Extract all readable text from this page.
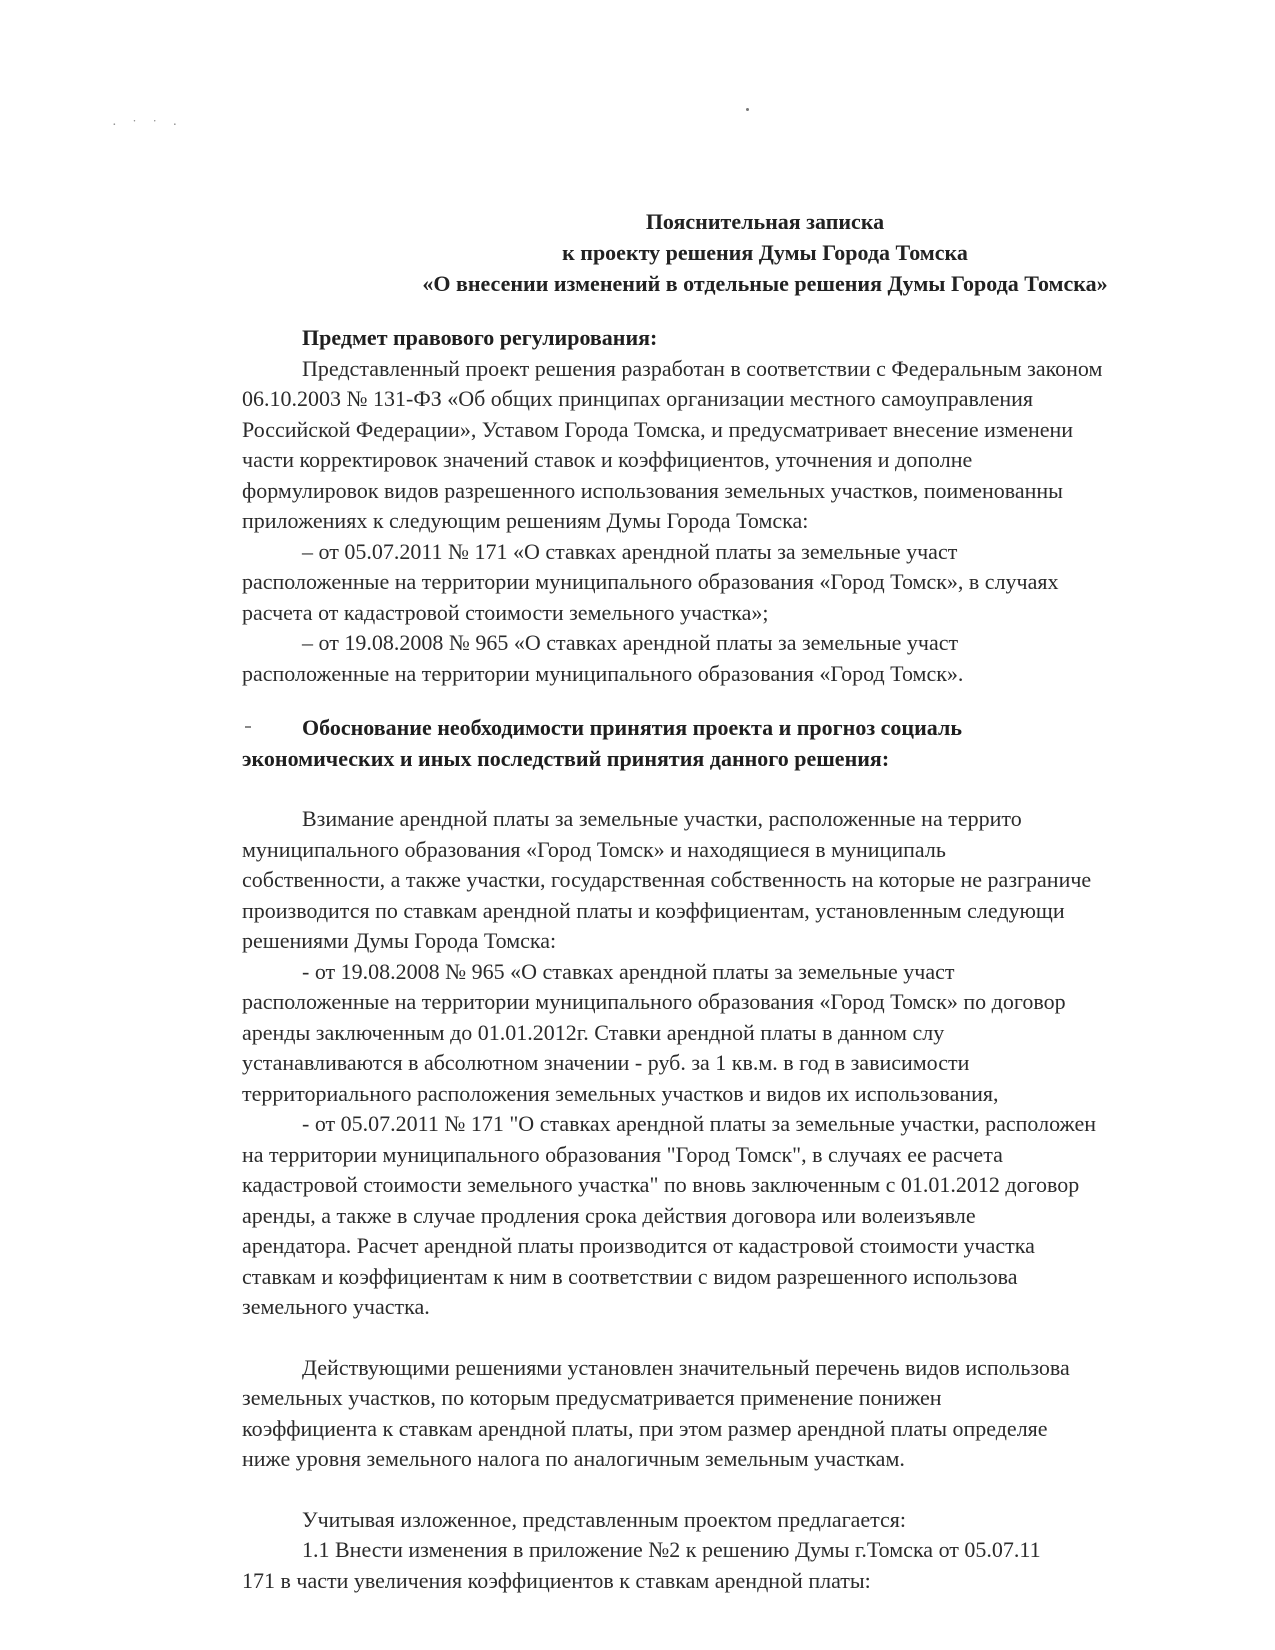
· ˙ ˙ ·
Пояснительная записка
к проекту решения Думы Города Томска
«О внесении изменений в отдельные решения Думы Города Томска»
Предмет правового регулирования:
Представленный проект решения разработан в соответствии с Федеральным законом
06.10.2003 № 131-ФЗ «Об общих принципах организации местного самоуправления
Российской Федерации», Уставом Города Томска, и предусматривает внесение изменени
части корректировок значений ставок и коэффициентов, уточнения и дополне
формулировок видов разрешенного использования земельных участков, поименованны
приложениях к следующим решениям Думы Города Томска:
– от 05.07.2011 № 171 «О ставках арендной платы за земельные участ
расположенные на территории муниципального образования «Город Томск», в случаях
расчета от кадастровой стоимости земельного участка»;
– от 19.08.2008 № 965 «О ставках арендной платы за земельные участ
расположенные на территории муниципального образования «Город Томск».
Обоснование необходимости принятия проекта и прогноз социаль
экономических и иных последствий принятия данного решения:
Взимание арендной платы за земельные участки, расположенные на террито
муниципального образования «Город Томск» и находящиеся в муниципаль
собственности, а также участки, государственная собственность на которые не разграниче
производится по ставкам арендной платы и коэффициентам, установленным следующи
решениями Думы Города Томска:
- от 19.08.2008 № 965 «О ставках арендной платы за земельные участ
расположенные на территории муниципального образования «Город Томск» по договор
аренды заключенным до 01.01.2012г. Ставки арендной платы в данном слу
устанавливаются в абсолютном значении - руб. за 1 кв.м. в год в зависимости
территориального расположения земельных участков и видов их использования,
- от 05.07.2011 № 171 "О ставках арендной платы за земельные участки, расположен
на территории муниципального образования "Город Томск", в случаях ее расчета
кадастровой стоимости земельного участка" по вновь заключенным с 01.01.2012 договор
аренды, а также в случае продления срока действия договора или волеизъявле
арендатора. Расчет арендной платы производится от кадастровой стоимости участка
ставкам и коэффициентам к ним в соответствии с видом разрешенного использова
земельного участка.
Действующими решениями установлен значительный перечень видов использова
земельных участков, по которым предусматривается применение понижен
коэффициента к ставкам арендной платы, при этом размер арендной платы определяе
ниже уровня земельного налога по аналогичным земельным участкам.
Учитывая изложенное, представленным проектом предлагается:
1.1 Внести изменения в приложение №2 к решению Думы г.Томска от 05.07.11
171 в части увеличения коэффициентов к ставкам арендной платы:
